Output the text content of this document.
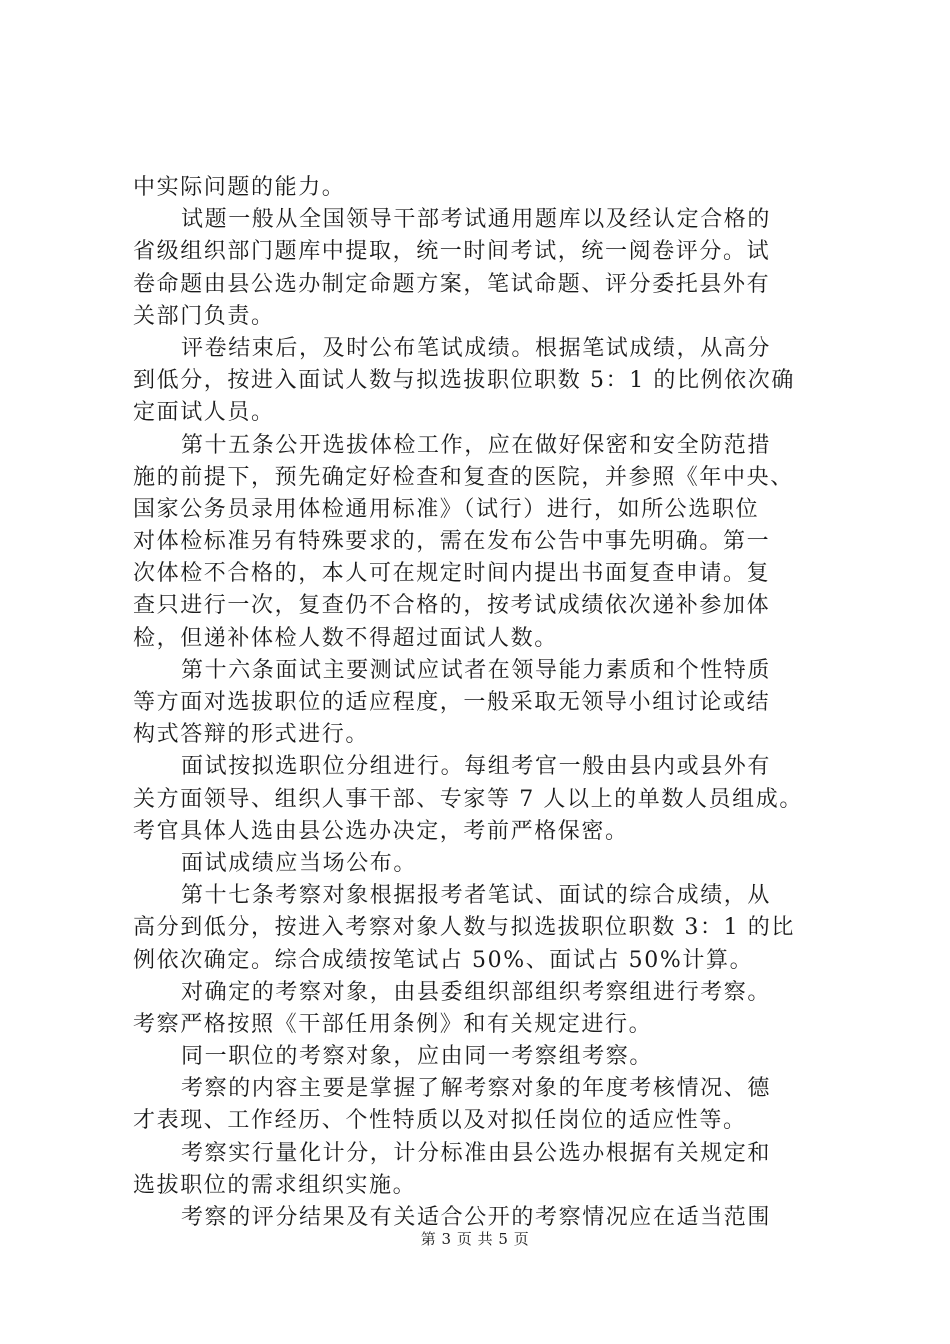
中实际问题的能力。
试题一般从全国领导干部考试通用题库以及经认定合格的
省级组织部门题库中提取，统一时间考试，统一阅卷评分。试
卷命题由县公选办制定命题方案，笔试命题、评分委托县外有
关部门负责。
评卷结束后，及时公布笔试成绩。根据笔试成绩，从高分
到低分，按进入面试人数与拟选拔职位职数 5：1 的比例依次确
定面试人员。
第十五条公开选拔体检工作，应在做好保密和安全防范措
施的前提下，预先确定好检查和复查的医院，并参照《年中央、
国家公务员录用体检通用标准》（试行）进行，如所公选职位
对体检标准另有特殊要求的，需在发布公告中事先明确。第一
次体检不合格的，本人可在规定时间内提出书面复查申请。复
查只进行一次，复查仍不合格的，按考试成绩依次递补参加体
检，但递补体检人数不得超过面试人数。
第十六条面试主要测试应试者在领导能力素质和个性特质
等方面对选拔职位的适应程度，一般采取无领导小组讨论或结
构式答辩的形式进行。
面试按拟选职位分组进行。每组考官一般由县内或县外有
关方面领导、组织人事干部、专家等 7 人以上的单数人员组成。
考官具体人选由县公选办决定，考前严格保密。
面试成绩应当场公布。
第十七条考察对象根据报考者笔试、面试的综合成绩，从
高分到低分，按进入考察对象人数与拟选拔职位职数 3：1 的比
例依次确定。综合成绩按笔试占 50%、面试占 50%计算。
对确定的考察对象，由县委组织部组织考察组进行考察。
考察严格按照《干部任用条例》和有关规定进行。
同一职位的考察对象，应由同一考察组考察。
考察的内容主要是掌握了解考察对象的年度考核情况、德
才表现、工作经历、个性特质以及对拟任岗位的适应性等。
考察实行量化计分，计分标准由县公选办根据有关规定和
选拔职位的需求组织实施。
考察的评分结果及有关适合公开的考察情况应在适当范围
第 3 页 共 5 页
